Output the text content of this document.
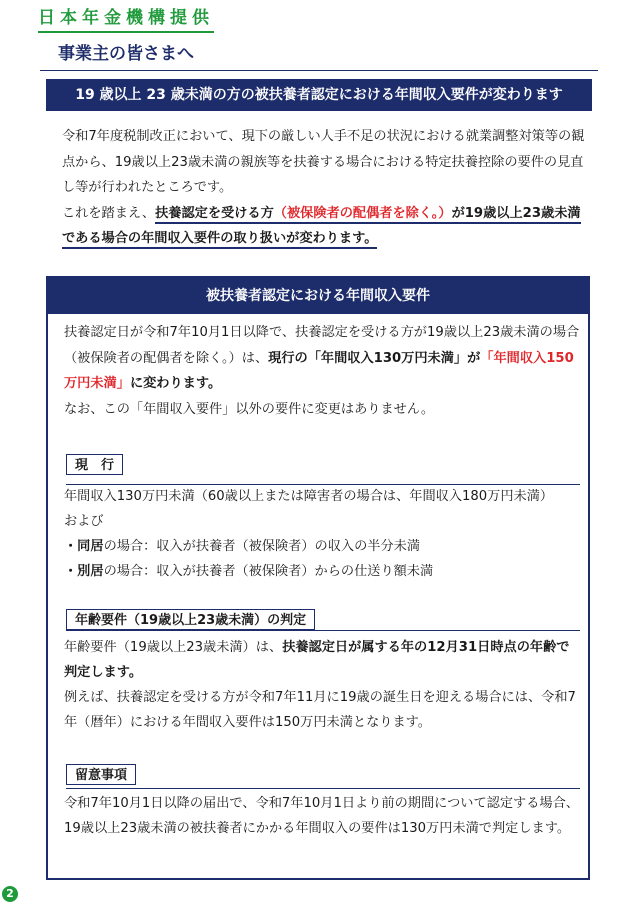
日本年金機構提供
事業主の皆さまへ
19 歳以上 23 歳未満の方の被扶養者認定における年間収入要件が変わります

令和7年度税制改正において、現下の厳しい人手不足の状況における就業調整対策等の観点から、19歳以上23歳未満の親族等を扶養する場合における特定扶養控除の要件の見直し等が行われたところです。

これを踏まえ、扶養認定を受ける方（被保険者の配偶者を除く。）が19歳以上23歳未満である場合の年間収入要件の取り扱いが変わります。

被扶養者認定における年間収入要件

扶養認定日が令和7年10月1日以降で、扶養認定を受ける方が19歳以上23歳未満の場合（被保険者の配偶者を除く。）は、現行の「年間収入130万円未満」が「年間収入150万円未満」に変わります。

なお、この「年間収入要件」以外の要件に変更はありません。

現　行

年間収入130万円未満（60歳以上または障害者の場合は、年間収入180万円未満）

および

・同居の場合：収入が扶養者（被保険者）の収入の半分未満

・別居の場合：収入が扶養者（被保険者）からの仕送り額未満

年齢要件（19歳以上23歳未満）の判定

年齢要件（19歳以上23歳未満）は、扶養認定日が属する年の12月31日時点の年齢で判定します。

例えば、扶養認定を受ける方が令和7年11月に19歳の誕生日を迎える場合には、令和7年（暦年）における年間収入要件は150万円未満となります。

留意事項

令和7年10月1日以降の届出で、令和7年10月1日より前の期間について認定する場合、19歳以上23歳未満の被扶養者にかかる年間収入の要件は130万円未満で判定します。

2
